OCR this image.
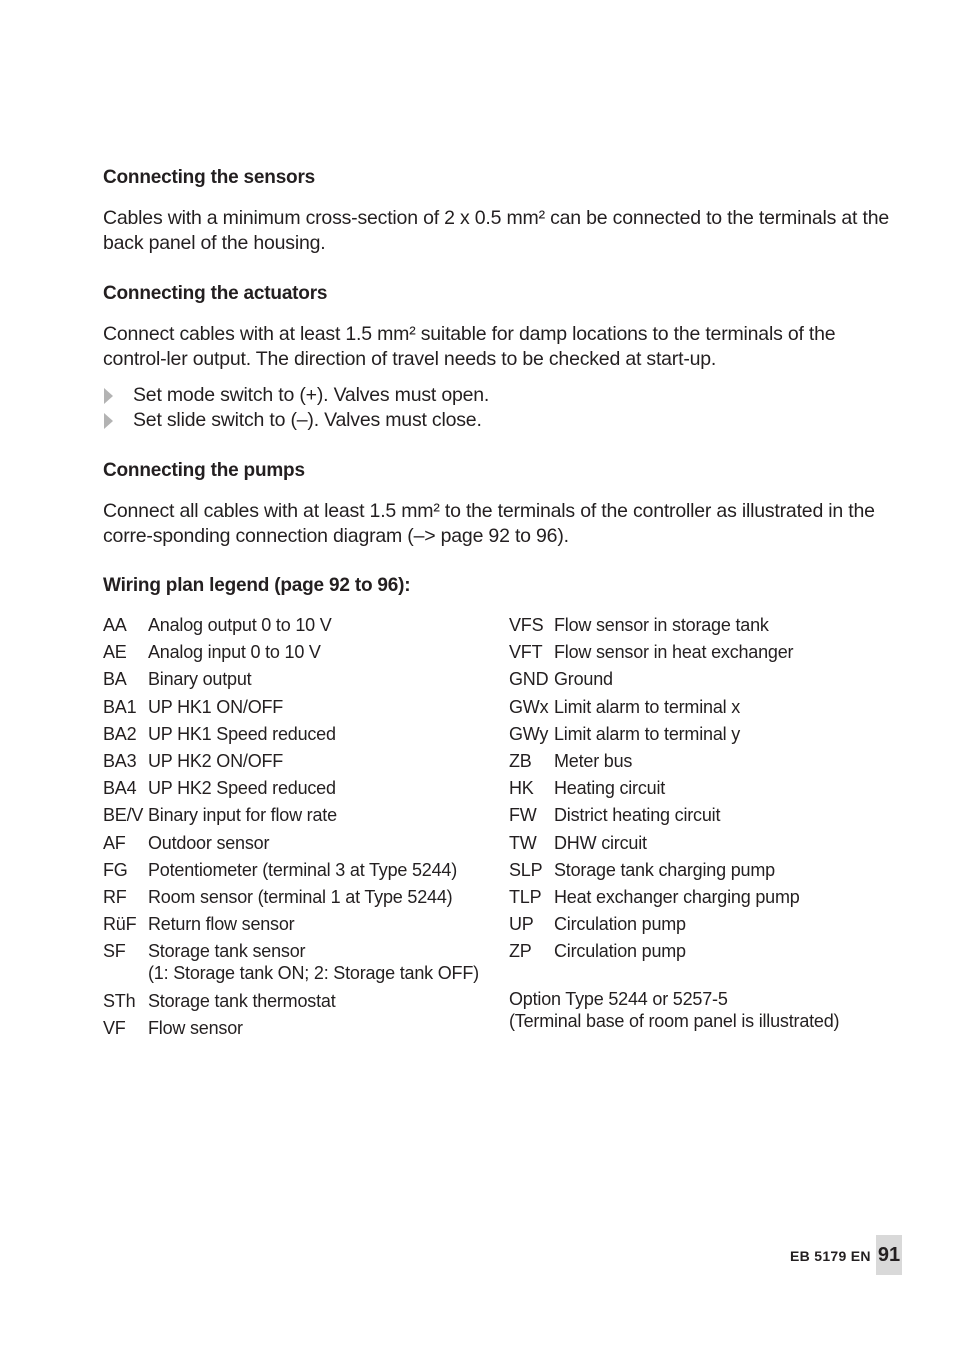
Connecting the sensors

Cables with a minimum cross-section of 2 x 0.5 mm² can be connected to the terminals at the back panel of the housing.

Connecting the actuators

Connect cables with at least 1.5 mm² suitable for damp locations to the terminals of the control-ler output. The direction of travel needs to be checked at start-up.

Set mode switch to (+). Valves must open.
Set slide switch to (–). Valves must close.
Connecting the pumps

Connect all cables with at least 1.5 mm² to the terminals of the controller as illustrated in the corre-sponding connection diagram (–> page 92 to 96).

Wiring plan legend (page 92 to 96):
AA	Analog output 0 to 10 V
AE	Analog input 0 to 10 V
BA	Binary output
BA1 UP HK1 ON/OFF
BA2 UP HK1 Speed reduced
BA3 UP HK2 ON/OFF
BA4 UP HK2 Speed reduced
BE/V Binary input for flow rate
AF	Outdoor sensor
FG	Potentiometer (terminal 3 at Type 5244)
RF	Room sensor (terminal 1 at Type 5244)
RüF Return flow sensor
SF	Storage tank sensor
(1: Storage tank ON; 2: Storage tank OFF)
STh Storage tank thermostat
VF	Flow sensor
VFS Flow sensor in storage tank
VFT Flow sensor in heat exchanger
GND Ground
GWx Limit alarm to terminal x
GWy Limit alarm to terminal y
ZB	Meter bus
HK	Heating circuit
FW District heating circuit
TW DHW circuit
SLP Storage tank charging pump
TLP Heat exchanger charging pump
UP	Circulation pump
ZP	Circulation pump

Option Type 5244 or 5257-5
(Terminal base of room panel is illustrated)

EB 5179 EN 91
